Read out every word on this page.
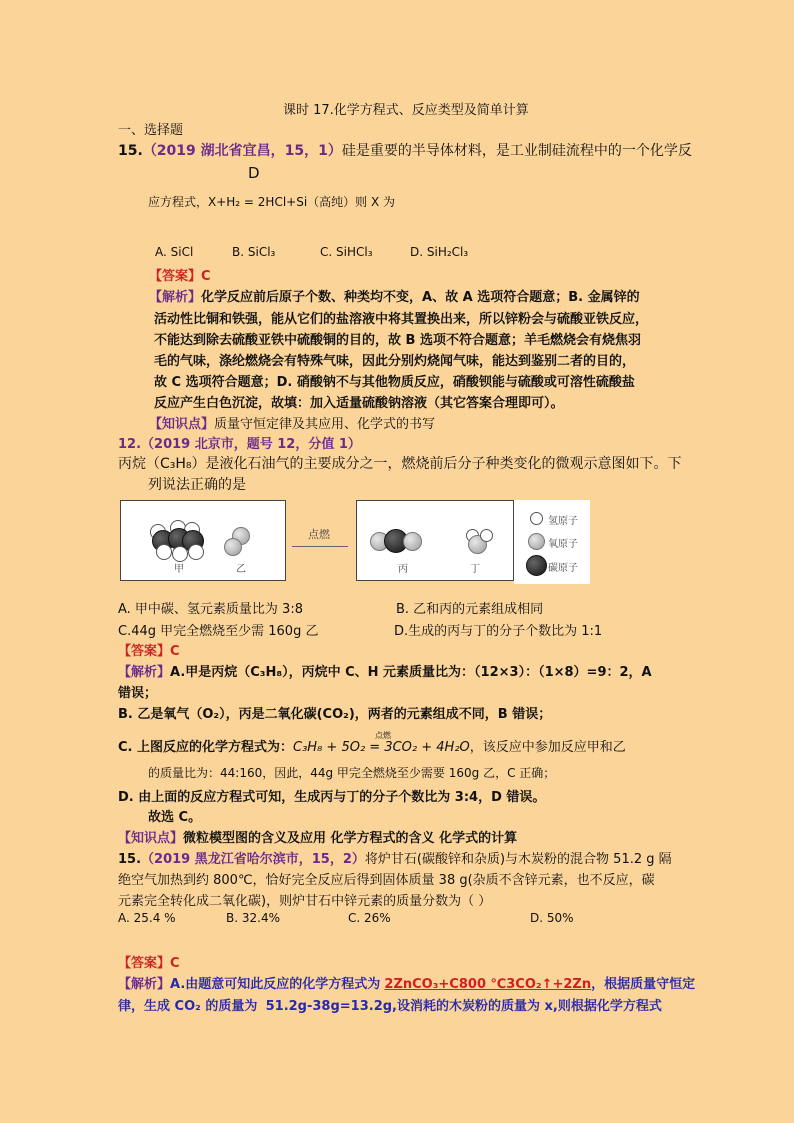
课时 17.化学方程式、反应类型及简单计算
一、选择题
15.（2019 湖北省宜昌，15，1）硅是重要的半导体材料，是工业制硅流程中的一个化学反
D
应方程式，X+H₂ = 2HCl+Si（高纯）则 X 为
A. SiCl	B. SiCl₃	C. SiHCl₃	D. SiH₂Cl₃
【答案】C
【解析】化学反应前后原子个数、种类均不变，A、故 A 选项符合题意；B. 金属锌的
活动性比铜和铁强，能从它们的盐溶液中将其置换出来，所以锌粉会与硫酸亚铁反应，
不能达到除去硫酸亚铁中硫酸铜的目的，故 B 选项不符合题意；羊毛燃烧会有烧焦羽
毛的气味，涤纶燃烧会有特殊气味，因此分别灼烧闻气味，能达到鉴别二者的目的，
故 C 选项符合题意；D. 硝酸钠不与其他物质反应，硝酸钡能与硫酸或可溶性硫酸盐
反应产生白色沉淀，故填：加入适量硫酸钠溶液（其它答案合理即可）。
【知识点】质量守恒定律及其应用、化学式的书写
12.（2019 北京市，题号 12，分值 1）
丙烷（C₃H₈）是液化石油气的主要成分之一，燃烧前后分子种类变化的微观示意图如下。下
列说法正确的是
甲	乙
点燃
丙	丁
氢原子
氧原子
碳原子
A. 甲中碳、氢元素质量比为 3:8	B. 乙和丙的元素组成相同
C.44g 甲完全燃烧至少需 160g 乙	D.生成的丙与丁的分子个数比为 1:1
【答案】C
【解析】A.甲是丙烷（C₃H₈），丙烷中 C、H 元素质量比为：（12×3）：（1×8）=9：2，A
错误；
B. 乙是氧气（O₂），丙是二氧化碳(CO₂)，两者的元素组成不同，B 错误；
C. 上图反应的化学方程式为：C₃H₈ + 5O₂ = 3CO₂ + 4H₂O
点燃
，该反应中参加反应甲和乙
的质量比为：44:160，因此，44g 甲完全燃烧至少需要 160g 乙，C 正确；
D. 由上面的反应方程式可知，生成丙与丁的分子个数比为 3:4，D 错误。
故选 C。
【知识点】微粒模型图的含义及应用 化学方程式的含义 化学式的计算
15.（2019 黑龙江省哈尔滨市，15，2）将炉甘石(碳酸锌和杂质)与木炭粉的混合物 51.2 g 隔
绝空气加热到约 800℃，恰好完全反应后得到固体质量 38 g(杂质不含锌元素，也不反应，碳
元素完全转化成二氧化碳)，则炉甘石中锌元素的质量分数为（ ）
A. 25.4 %	B. 32.4%	C. 26%	D. 50%
【答案】C
【解析】A.由题意可知此反应的化学方程式为 2ZnCO₃+C800 ℃3CO₂↑+2Zn，根据质量守恒定
律，生成 CO₂ 的质量为 51.2g-38g=13.2g,设消耗的木炭粉的质量为 x,则根据化学方程式
